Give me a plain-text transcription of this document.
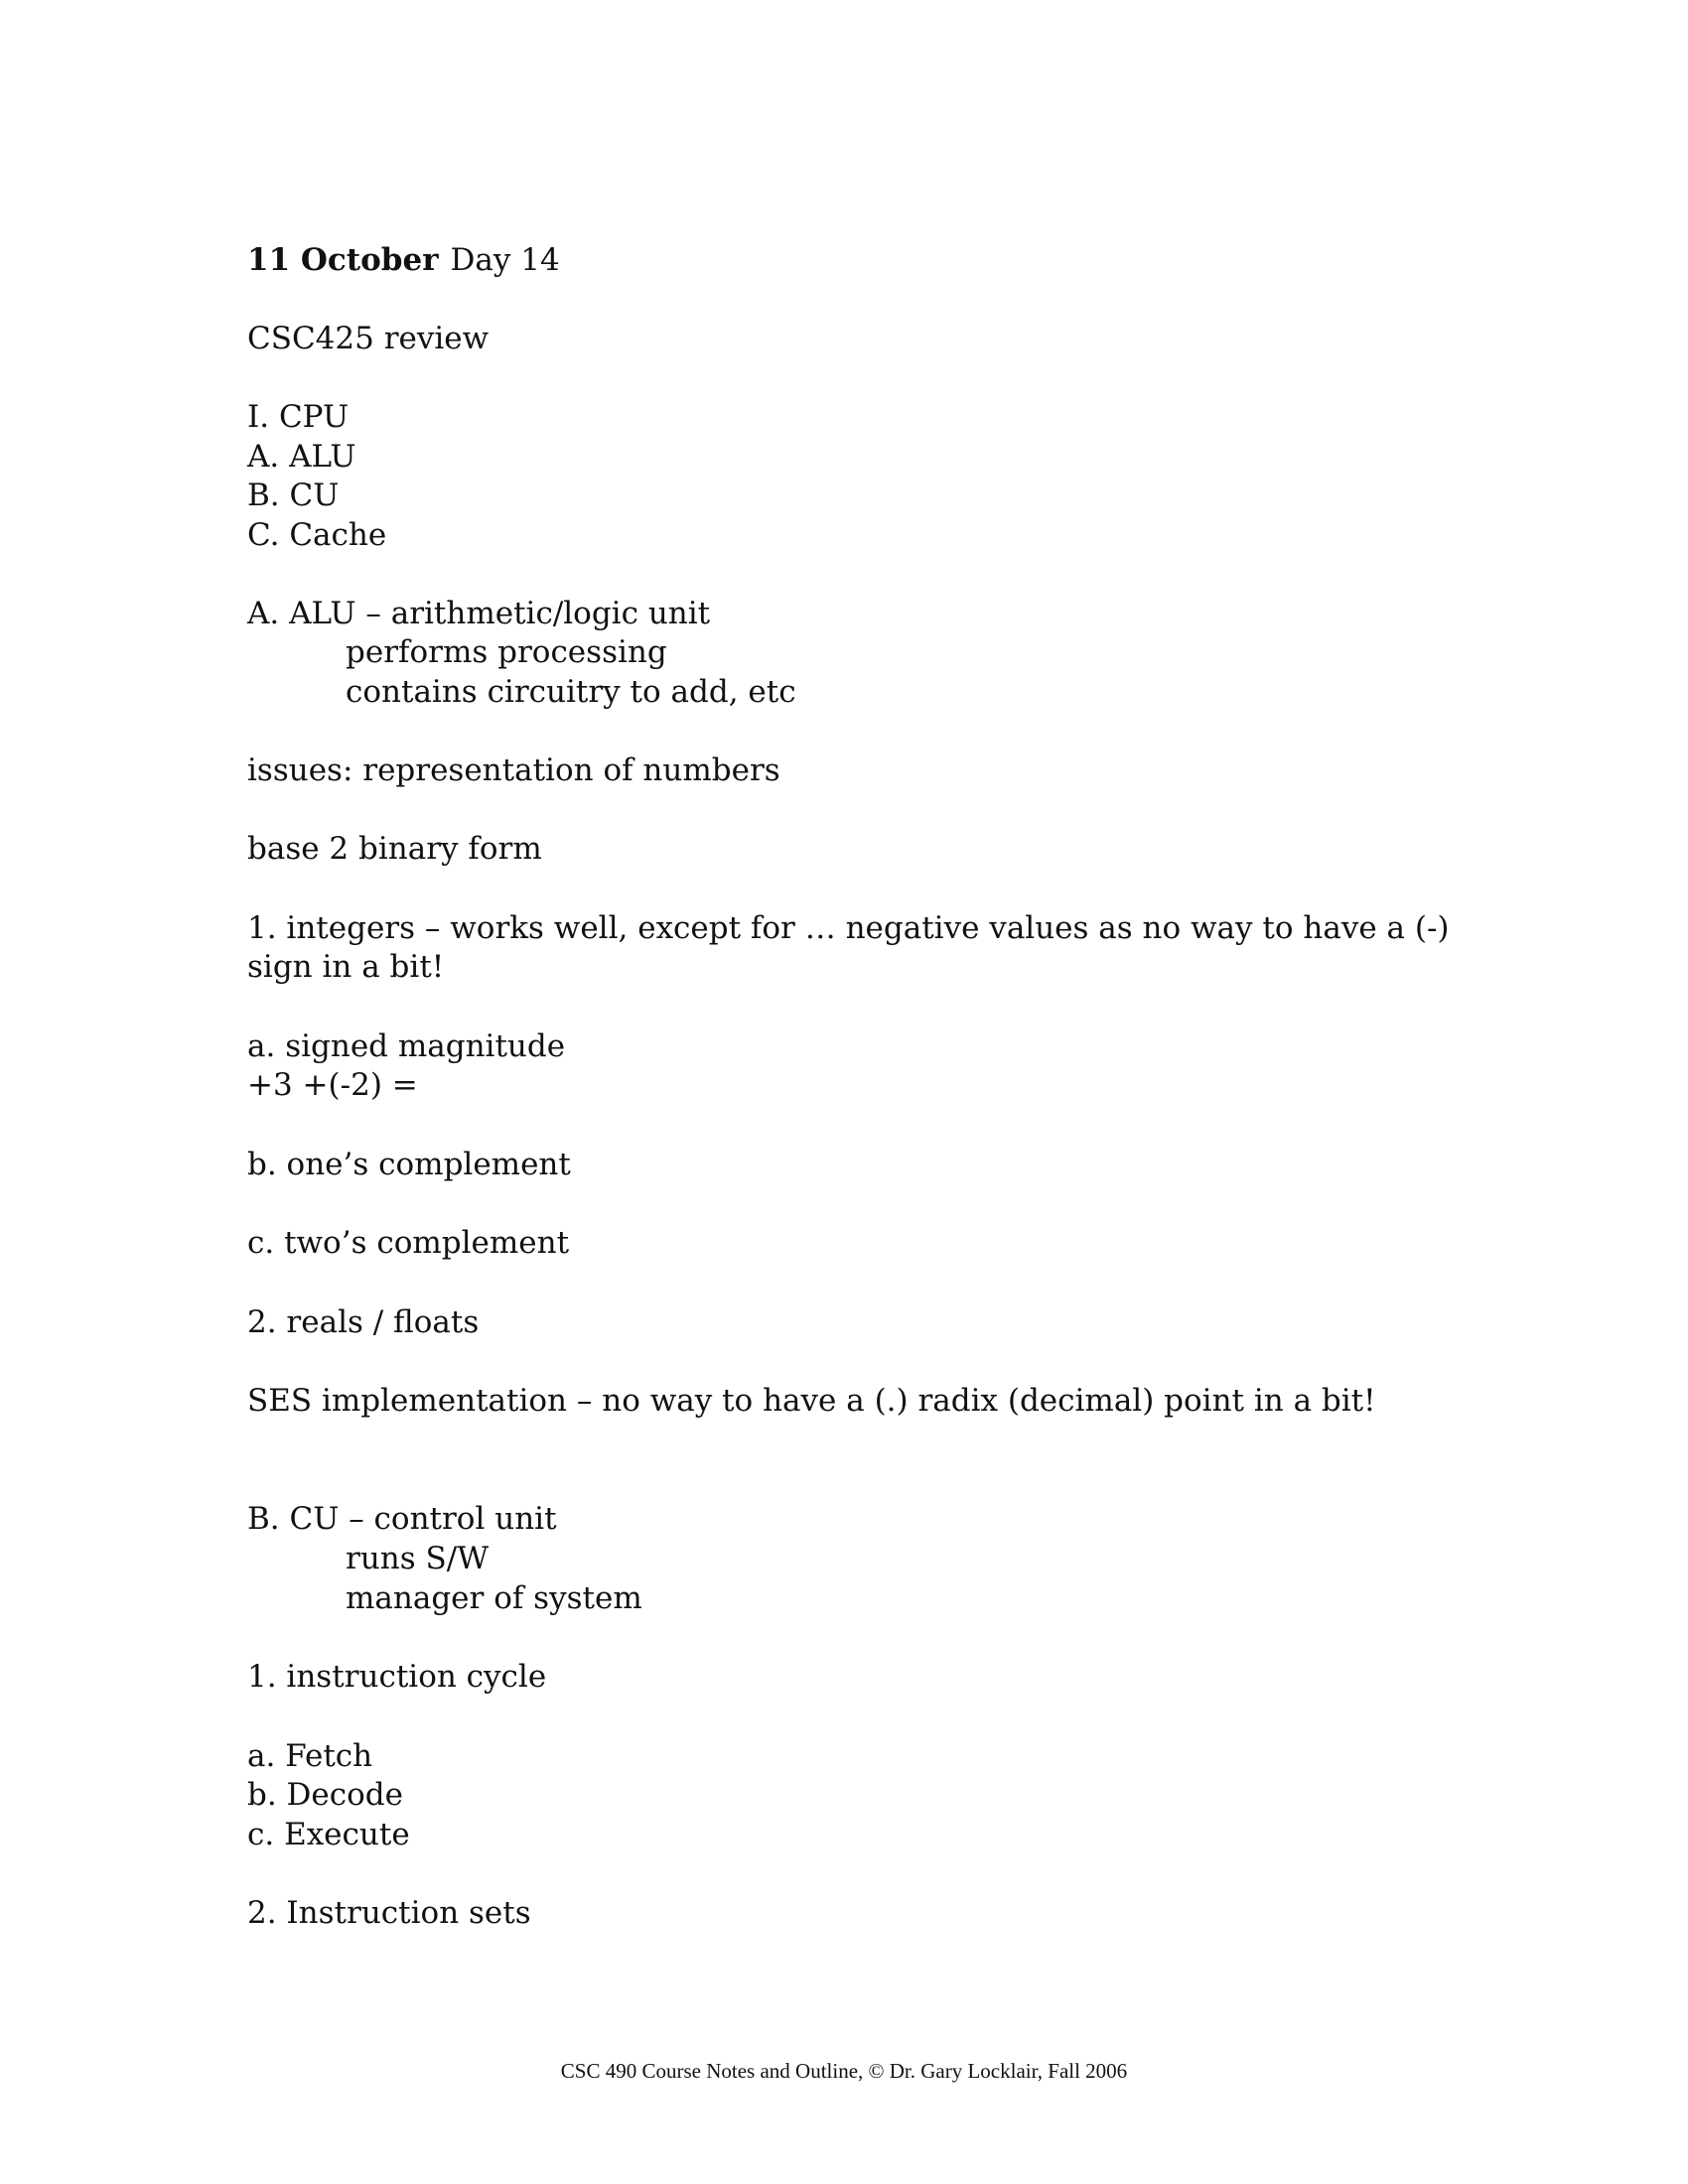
11 October Day 14

CSC425 review

I. CPU

A. ALU

B. CU

C. Cache

A. ALU – arithmetic/logic unit

performs processing

contains circuitry to add, etc

issues: representation of numbers

base 2 binary form

1. integers – works well, except for … negative values as no way to have a (-)

sign in a bit!

a. signed magnitude

+3 +(-2) =

b. one’s complement

c. two’s complement

2. reals / floats

SES implementation – no way to have a (.) radix (decimal) point in a bit!

B. CU – control unit

runs S/W

manager of system

1. instruction cycle

a. Fetch

b. Decode

c. Execute

2. Instruction sets

CSC 490 Course Notes and Outline, © Dr. Gary Locklair, Fall 2006
